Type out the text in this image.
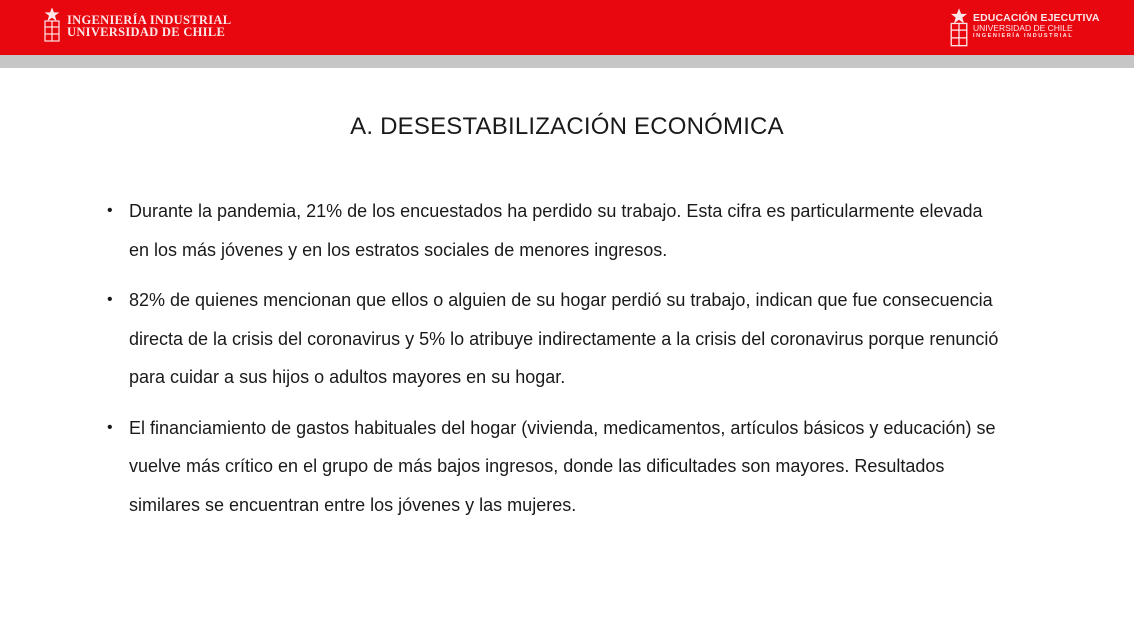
INGENIERÍA INDUSTRIAL
UNIVERSIDAD DE CHILE
EDUCACIÓN EJECUTIVA
UNIVERSIDAD DE CHILE
INGENIERÍA INDUSTRIAL
A. DESESTABILIZACIÓN ECONÓMICA
• Durante la pandemia, 21% de los encuestados ha perdido su trabajo. Esta cifra es particularmente elevada en los más jóvenes y en los estratos sociales de menores ingresos.
• 82% de quienes mencionan que ellos o alguien de su hogar perdió su trabajo, indican que fue consecuencia directa de la crisis del coronavirus y 5% lo atribuye indirectamente a la crisis del coronavirus porque renunció para cuidar a sus hijos o adultos mayores en su hogar.
• El financiamiento de gastos habituales del hogar (vivienda, medicamentos, artículos básicos y educación) se vuelve más crítico en el grupo de más bajos ingresos, donde las dificultades son mayores. Resultados similares se encuentran entre los jóvenes y las mujeres.
